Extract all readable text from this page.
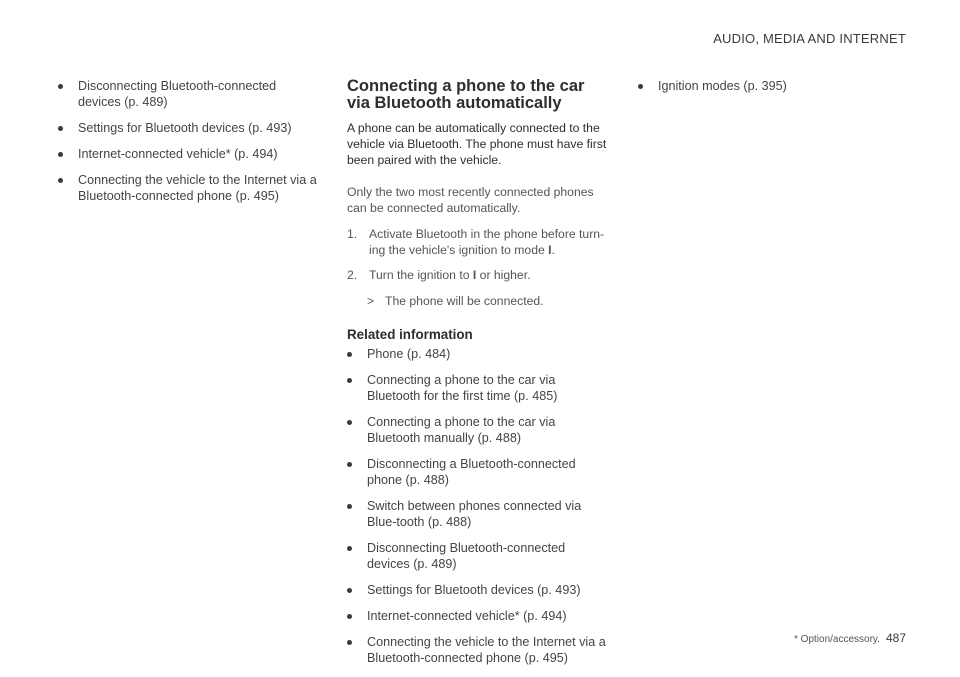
AUDIO, MEDIA AND INTERNET
Disconnecting Bluetooth-connected devices (p. 489)
Settings for Bluetooth devices (p. 493)
Internet-connected vehicle* (p. 494)
Connecting the vehicle to the Internet via a Bluetooth-connected phone (p. 495)
Connecting a phone to the car via Bluetooth automatically

A phone can be automatically connected to the vehicle via Bluetooth. The phone must have first been paired with the vehicle.

Only the two most recently connected phones can be connected automatically.

1. Activate Bluetooth in the phone before turn-ing the vehicle's ignition to mode I.
2. Turn the ignition to I or higher.
> The phone will be connected.
Related information
Phone (p. 484)
Connecting a phone to the car via Bluetooth for the first time (p. 485)
Connecting a phone to the car via Bluetooth manually (p. 488)
Disconnecting a Bluetooth-connected phone (p. 488)
Switch between phones connected via Blue-tooth (p. 488)
Disconnecting Bluetooth-connected devices (p. 489)
Settings for Bluetooth devices (p. 493)
Internet-connected vehicle* (p. 494)
Connecting the vehicle to the Internet via a Bluetooth-connected phone (p. 495)
Ignition modes (p. 395)
* Option/accessory. 487
